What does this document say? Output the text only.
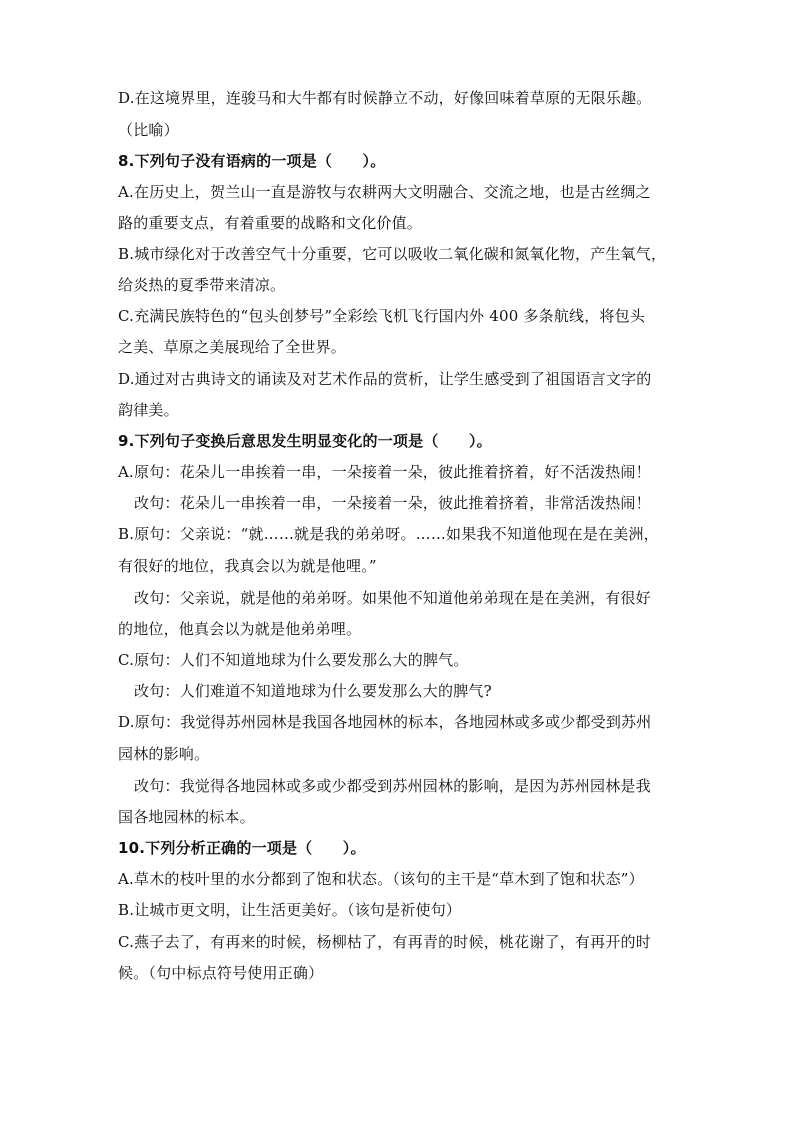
D.在这境界里，连骏马和大牛都有时候静立不动，好像回味着草原的无限乐趣。
（比喻）
8.下列句子没有语病的一项是（　　）。
A.在历史上，贺兰山一直是游牧与农耕两大文明融合、交流之地，也是古丝绸之
路的重要支点，有着重要的战略和文化价值。
B.城市绿化对于改善空气十分重要，它可以吸收二氧化碳和氮氧化物，产生氧气，
给炎热的夏季带来清凉。
C.充满民族特色的“包头创梦号”全彩绘飞机飞行国内外 400 多条航线，将包头
之美、草原之美展现给了全世界。
D.通过对古典诗文的诵读及对艺术作品的赏析，让学生感受到了祖国语言文字的
韵律美。
9.下列句子变换后意思发生明显变化的一项是（　　）。
A.原句：花朵儿一串挨着一串，一朵接着一朵，彼此推着挤着，好不活泼热闹！
改句：花朵儿一串挨着一串，一朵接着一朵，彼此推着挤着，非常活泼热闹！
B.原句：父亲说：“就……就是我的弟弟呀。……如果我不知道他现在是在美洲，
有很好的地位，我真会以为就是他哩。”
改句：父亲说，就是他的弟弟呀。如果他不知道他弟弟现在是在美洲，有很好
的地位，他真会以为就是他弟弟哩。
C.原句：人们不知道地球为什么要发那么大的脾气。
改句：人们难道不知道地球为什么要发那么大的脾气?
D.原句：我觉得苏州园林是我国各地园林的标本，各地园林或多或少都受到苏州
园林的影响。
改句：我觉得各地园林或多或少都受到苏州园林的影响，是因为苏州园林是我
国各地园林的标本。
10.下列分析正确的一项是（　　）。
A.草木的枝叶里的水分都到了饱和状态。（该句的主干是“草木到了饱和状态”）
B.让城市更文明，让生活更美好。（该句是祈使句）
C.燕子去了，有再来的时候，杨柳枯了，有再青的时候，桃花谢了，有再开的时
候。（句中标点符号使用正确）
